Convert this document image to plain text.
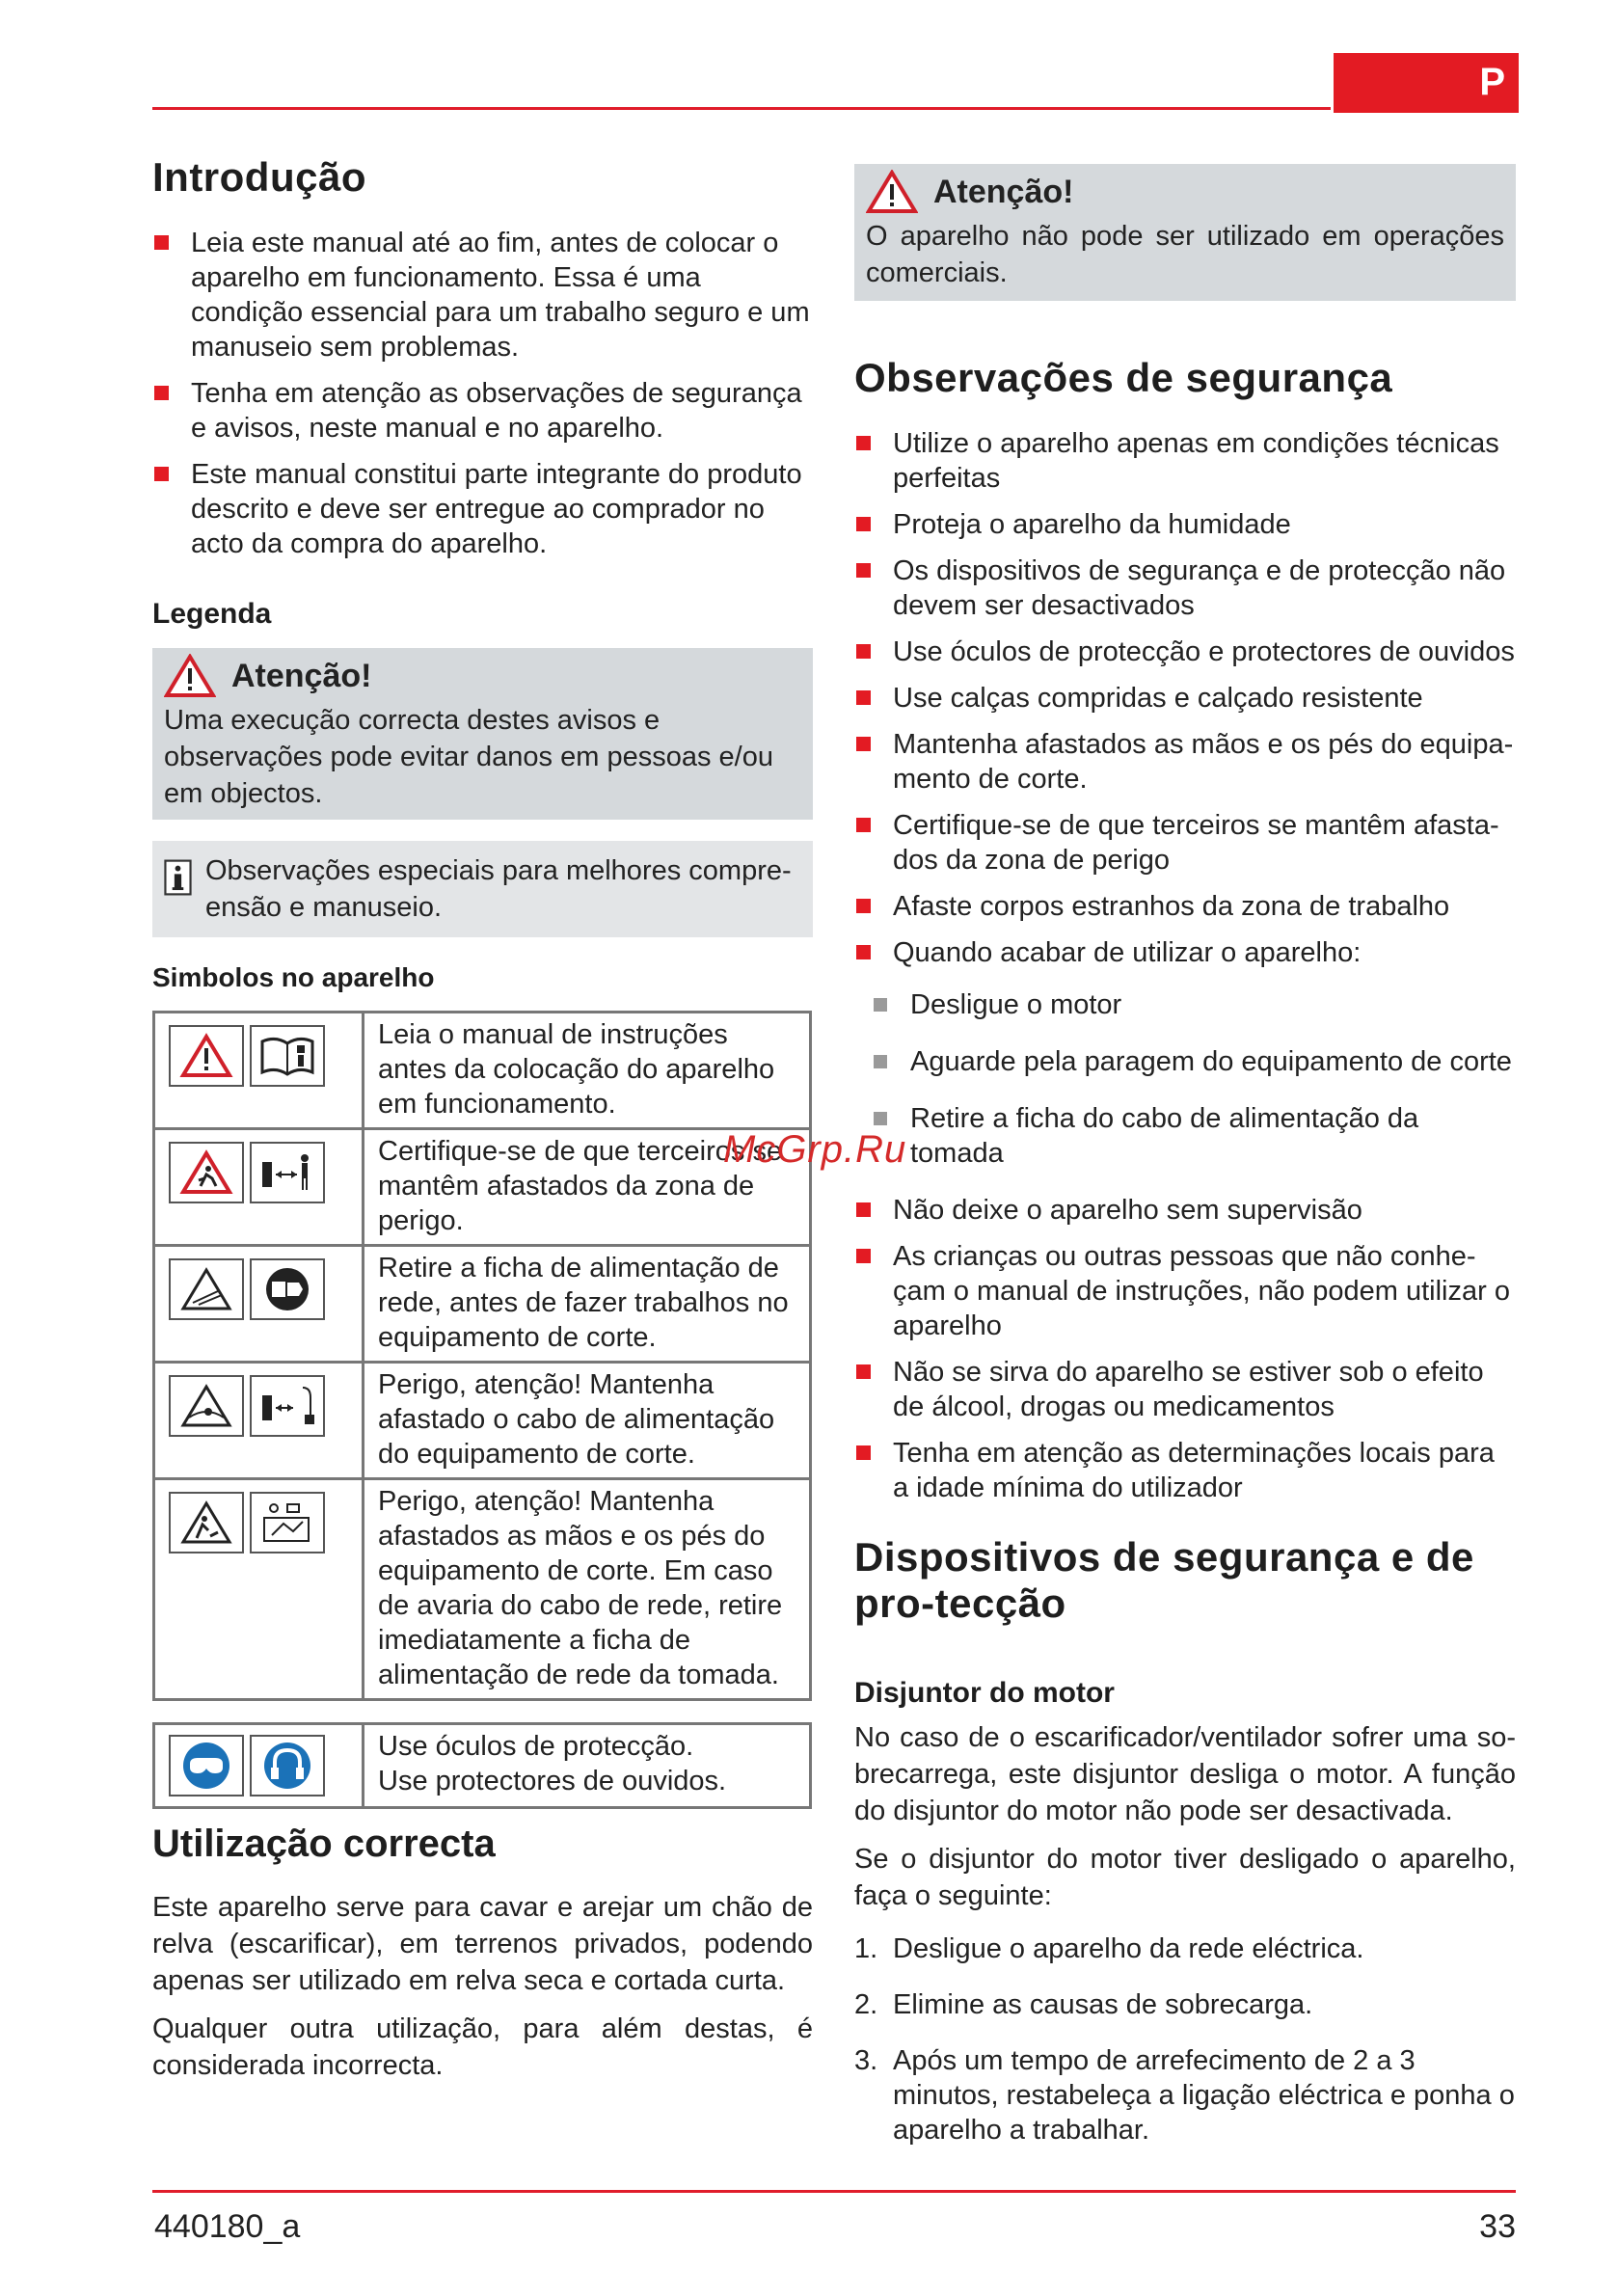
P
Introdução
Leia este manual até ao fim, antes de colocar o aparelho em funcionamento. Essa é uma condição essencial para um trabalho seguro e um manuseio sem problemas.
Tenha em atenção as observações de segurança e avisos, neste manual e no aparelho.
Este manual constitui parte integrante do produto descrito e deve ser entregue ao comprador no acto da compra do aparelho.
Legenda
Atenção!

Uma execução correcta destes avisos e observações pode evitar danos em pessoas e/ou em objectos.

Observações especiais para melhores compre-ensão e manuseio.

Simbolos no aparelho
	Leia o manual de instruções antes da colocação do aparelho em funcionamento.

	Certifique-se de que terceiros se mantêm afastados da zona de perigo.

	Retire a ficha de alimentação de rede, antes de fazer trabalhos no equipamento de corte.

	Perigo, atenção! Mantenha afastado o cabo de alimentação do equipamento de corte.

	Perigo, atenção! Mantenha afastados as mãos e os pés do equipamento de corte. Em caso de avaria do cabo de rede, retire imediatamente a ficha de alimentação de rede da tomada.

Use óculos de protecção.
Use protectores de ouvidos.
Utilização correcta

Este aparelho serve para cavar e arejar um chão de relva (escarificar), em terrenos privados, podendo apenas ser utilizado em relva seca e cortada curta.

Qualquer outra utilização, para além destas, é considerada incorrecta.

Atenção!

O aparelho não pode ser utilizado em operações comerciais.

Observações de segurança
Utilize o aparelho apenas em condições técnicas perfeitas
Proteja o aparelho da humidade
Os dispositivos de segurança e de protecção não devem ser desactivados
Use óculos de protecção e protectores de ouvidos
Use calças compridas e calçado resistente
Mantenha afastados as mãos e os pés do equipa-mento de corte.
Certifique-se de que terceiros se mantêm afasta-dos da zona de perigo
Afaste corpos estranhos da zona de trabalho
Quando acabar de utilizar o aparelho:
Desligue o motor
Aguarde pela paragem do equipamento de corte
Retire a ficha do cabo de alimentação da tomada
Não deixe o aparelho sem supervisão
As crianças ou outras pessoas que não conhe-çam o manual de instruções, não podem utilizar o aparelho
Não se sirva do aparelho se estiver sob o efeito de álcool, drogas ou medicamentos
Tenha em atenção as determinações locais para a idade mínima do utilizador
Dispositivos de segurança e de pro-tecção
Disjuntor do motor

No caso de o escarificador/ventilador sofrer uma so-brecarrega, este disjuntor desliga o motor. A função do disjuntor do motor não pode ser desactivada.

Se o disjuntor do motor tiver desligado o aparelho, faça o seguinte:

1. Desligue o aparelho da rede eléctrica.
2. Elimine as causas de sobrecarga.
3. Após um tempo de arrefecimento de 2 a 3 minutos, restabeleça a ligação eléctrica e ponha o aparelho a trabalhar.
McGrp.Ru
440180_a	33
